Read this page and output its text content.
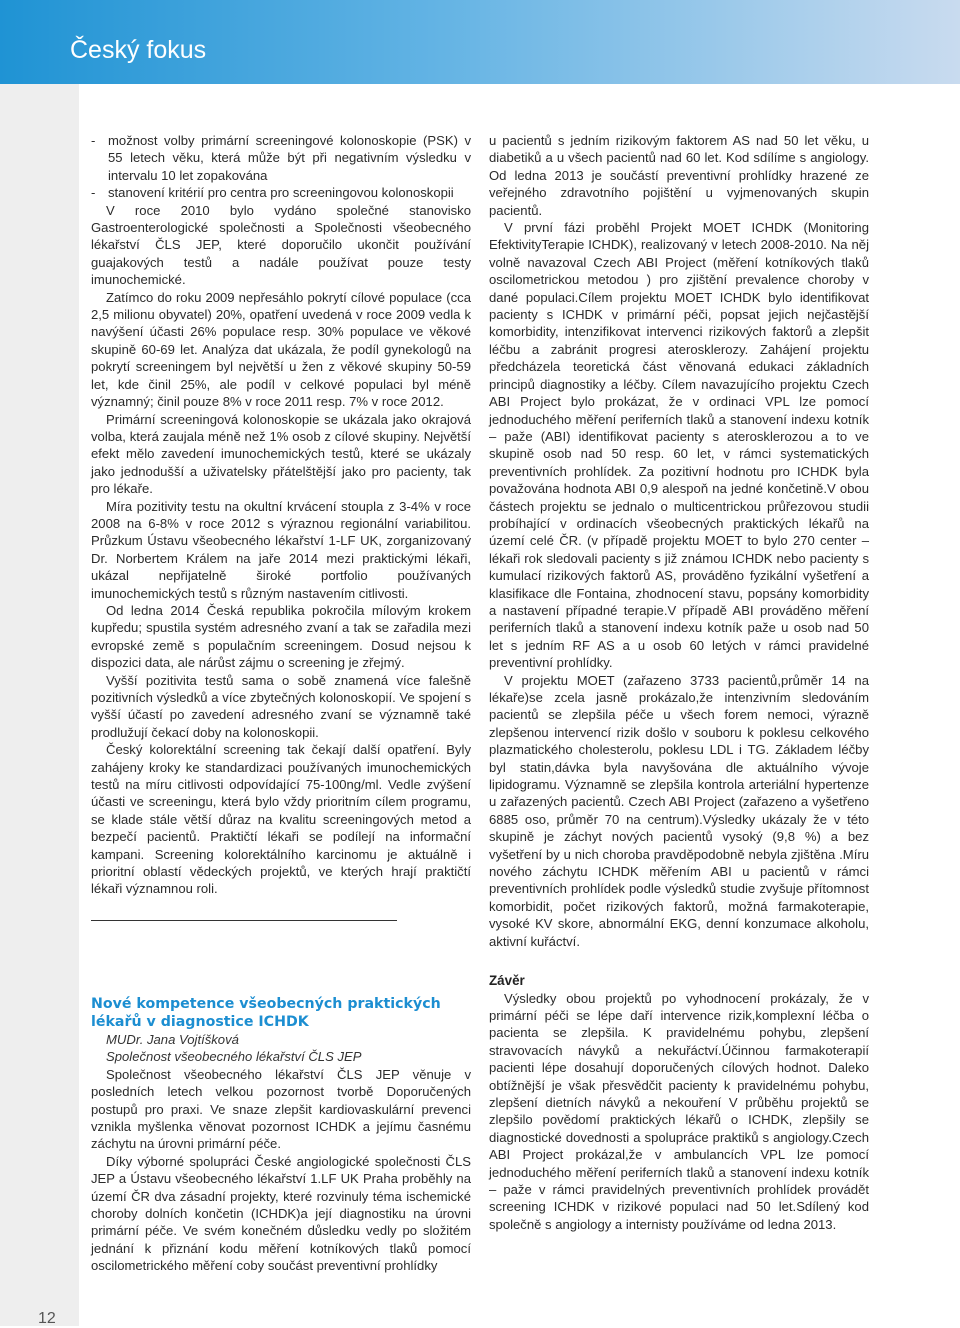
Český fokus
12
- možnost volby primární screeningové kolonoskopie (PSK) v 55 letech věku, která může být při negativním výsledku v intervalu 10 let zopakována
- stanovení kritérií pro centra pro screeningovou kolonoskopii

V roce 2010 bylo vydáno společné stanovisko Gastroenterologické společnosti a Společnosti všeobecného lékařství ČLS JEP, které doporučilo ukončit používání guajakových testů a nadále používat pouze testy imunochemické.

Zatímco do roku 2009 nepřesáhlo pokrytí cílové populace (cca 2,5 milionu obyvatel) 20%, opatření uvedená v roce 2009 vedla k navýšení účasti 26% populace resp. 30% populace ve věkové skupině 60-69 let. Analýza dat ukázala, že podíl gynekologů na pokrytí screeningem byl největší u žen z věkové skupiny 50-59 let, kde činil 25%, ale podíl v celkové populaci byl méně významný; činil pouze 8% v roce 2011 resp. 7% v roce 2012.

Primární screeningová kolonoskopie se ukázala jako okrajová volba, která zaujala méně než 1% osob z cílové skupiny. Největší efekt mělo zavedení imunochemických testů, které se ukázaly jako jednodušší a uživatelsky přátelštější jako pro pacienty, tak pro lékaře.

Míra pozitivity testu na okultní krvácení stoupla z 3-4% v roce 2008 na 6-8% v roce 2012 s výraznou regionální variabilitou. Průzkum Ústavu všeobecného lékařství 1-LF UK, zorganizovaný Dr. Norbertem Králem na jaře 2014 mezi praktickými lékaři, ukázal nepřijatelně široké portfolio používaných imunochemických testů s různým nastavením citlivosti.

Od ledna 2014 Česká republika pokročila mílovým krokem kupředu; spustila systém adresného zvaní a tak se zařadila mezi evropské země s populačním screeningem. Dosud nejsou k dispozici data, ale nárůst zájmu o screening je zřejmý.

Vyšší pozitivita testů sama o sobě znamená více falešně pozitivních výsledků a více zbytečných kolonoskopií. Ve spojení s vyšší účastí po zavedení adresného zvaní se významně také prodlužují čekací doby na kolonoskopii.

Český kolorektální screening tak čekají další opatření. Byly zahájeny kroky ke standardizaci používaných imunochemických testů na míru citlivosti odpovídající 75-100ng/ml. Vedle zvýšení účasti ve screeningu, která bylo vždy prioritním cílem programu, se klade stále větší důraz na kvalitu screeningových metod a bezpečí pacientů. Praktičtí lékaři se podílejí na informační kampani. Screening kolorektálního karcinomu je aktuálně i prioritní oblastí vědeckých projektů, ve kterých hrají praktičtí lékaři významnou roli.

Nové kompetence všeobecných praktických lékařů v diagnostice ICHDK

MUDr. Jana Vojtíšková

Společnost všeobecného lékařství ČLS JEP

Společnost všeobecného lékařství ČLS JEP věnuje v posledních letech velkou pozornost tvorbě Doporučených postupů pro praxi. Ve snaze zlepšit kardiovaskulární prevenci vznikla myšlenka věnovat pozornost ICHDK a jejímu časnému záchytu na úrovni primární péče.

Díky výborné spolupráci České angiologické společnosti ČLS JEP a Ústavu všeobecného lékařství 1.LF UK Praha proběhly na území ČR dva zásadní projekty, které rozvinuly téma ischemické choroby dolních končetin (ICHDK)a její diagnostiku na úrovni primární péče. Ve svém konečném důsledku vedly po složitém jednání k přiznání kodu měření kotníkových tlaků pomocí oscilometrického měření coby součást preventivní prohlídky

u pacientů s jedním rizikovým faktorem AS nad 50 let věku, u diabetiků a u všech pacientů nad 60 let. Kod sdílíme s angiology. Od ledna 2013 je součástí preventivní prohlídky hrazené ze veřejného zdravotního pojištění u vyjmenovaných skupin pacientů.

V první fázi proběhl Projekt MOET ICHDK (Monitoring EfektivityTerapie ICHDK), realizovaný v letech 2008-2010. Na něj volně navazoval Czech ABI Project (měření kotníkových tlaků oscilometrickou metodou ) pro zjištění prevalence choroby v dané populaci.Cílem projektu MOET ICHDK bylo identifikovat pacienty s ICHDK v primární péči, popsat jejich nejčastější komorbidity, intenzifikovat intervenci rizikových faktorů a zlepšit léčbu a zabránit progresi aterosklerozy. Zahájení projektu předcházela teoretická část věnovaná edukaci základních principů diagnostiky a léčby. Cílem navazujícího projektu Czech ABI Project bylo prokázat, že v ordinaci VPL lze pomocí jednoduchého měření periferních tlaků a stanovení indexu kotník – paže (ABI) identifikovat pacienty s aterosklerozou a to ve skupině osob nad 50 resp. 60 let, v rámci systematických preventivních prohlídek. Za pozitivní hodnotu pro ICHDK byla považována hodnota ABI 0,9 alespoň na jedné končetině.V obou částech projektu se jednalo o multicentrickou průřezovou studii probíhající v ordinacích všeobecných praktických lékařů na území celé ČR. (v případě projektu MOET to bylo 270 center – lékaři rok sledovali pacienty s již známou ICHDK nebo pacienty s kumulací rizikových faktorů AS, prováděno fyzikální vyšetření a klasifikace dle Fontaina, zhodnocení stavu, popsány komorbidity a nastavení případné terapie.V případě ABI prováděno měření periferních tlaků a stanovení indexu kotník paže u osob nad 50 let s jedním RF AS a u osob 60 letých v rámci pravidelné preventivní prohlídky.

V projektu MOET (zařazeno 3733 pacientů,průměr 14 na lékaře)se zcela jasně prokázalo,že intenzivním sledováním pacientů se zlepšila péče u všech forem nemoci, výrazně zlepšenou intervencí rizik došlo v souboru k poklesu celkového plazmatického cholesterolu, poklesu LDL i TG. Základem léčby byl statin,dávka byla navyšována dle aktuálního vývoje lipidogramu. Významně se zlepšila kontrola arteriální hypertenze u zařazených pacientů. Czech ABI Project (zařazeno a vyšetřeno 6885 oso, průměr 70 na centrum).Výsledky ukázaly že v této skupině je záchyt nových pacientů vysoký (9,8 %) a bez vyšetření by u nich choroba pravděpodobně nebyla zjištěna .Míru nového záchytu ICHDK měřením ABI u pacientů v rámci preventivních prohlídek podle výsledků studie zvyšuje přítomnost komorbidit, počet rizikových faktorů, možná farmakoterapie, vysoké KV skore, abnormální EKG, denní konzumace alkoholu, aktivní kuřáctví.

Závěr

Výsledky obou projektů po vyhodnocení prokázaly, že v primární péči se lépe daří intervence rizik,komplexní léčba o pacienta se zlepšila. K pravidelnému pohybu, zlepšení stravovacích návyků a nekuřáctví.Účinnou farmakoterapií pacienti lépe dosahují doporučených cílových hodnot. Daleko obtížnější je však přesvědčit pacienty k pravidelnému pohybu, zlepšení dietních návyků a nekouření V průběhu projektů se zlepšilo povědomí praktických lékařů o ICHDK, zlepšily se diagnostické dovednosti a spolupráce praktiků s angiology.Czech ABI Project prokázal,že v ambulancích VPL lze pomocí jednoduchého měření periferních tlaků a stanovení indexu kotník – paže v rámci pravidelných preventivních prohlídek provádět screening ICHDK v rizikové populaci nad 50 let.Sdílený kod společně s angiology a internisty používáme od ledna 2013.
